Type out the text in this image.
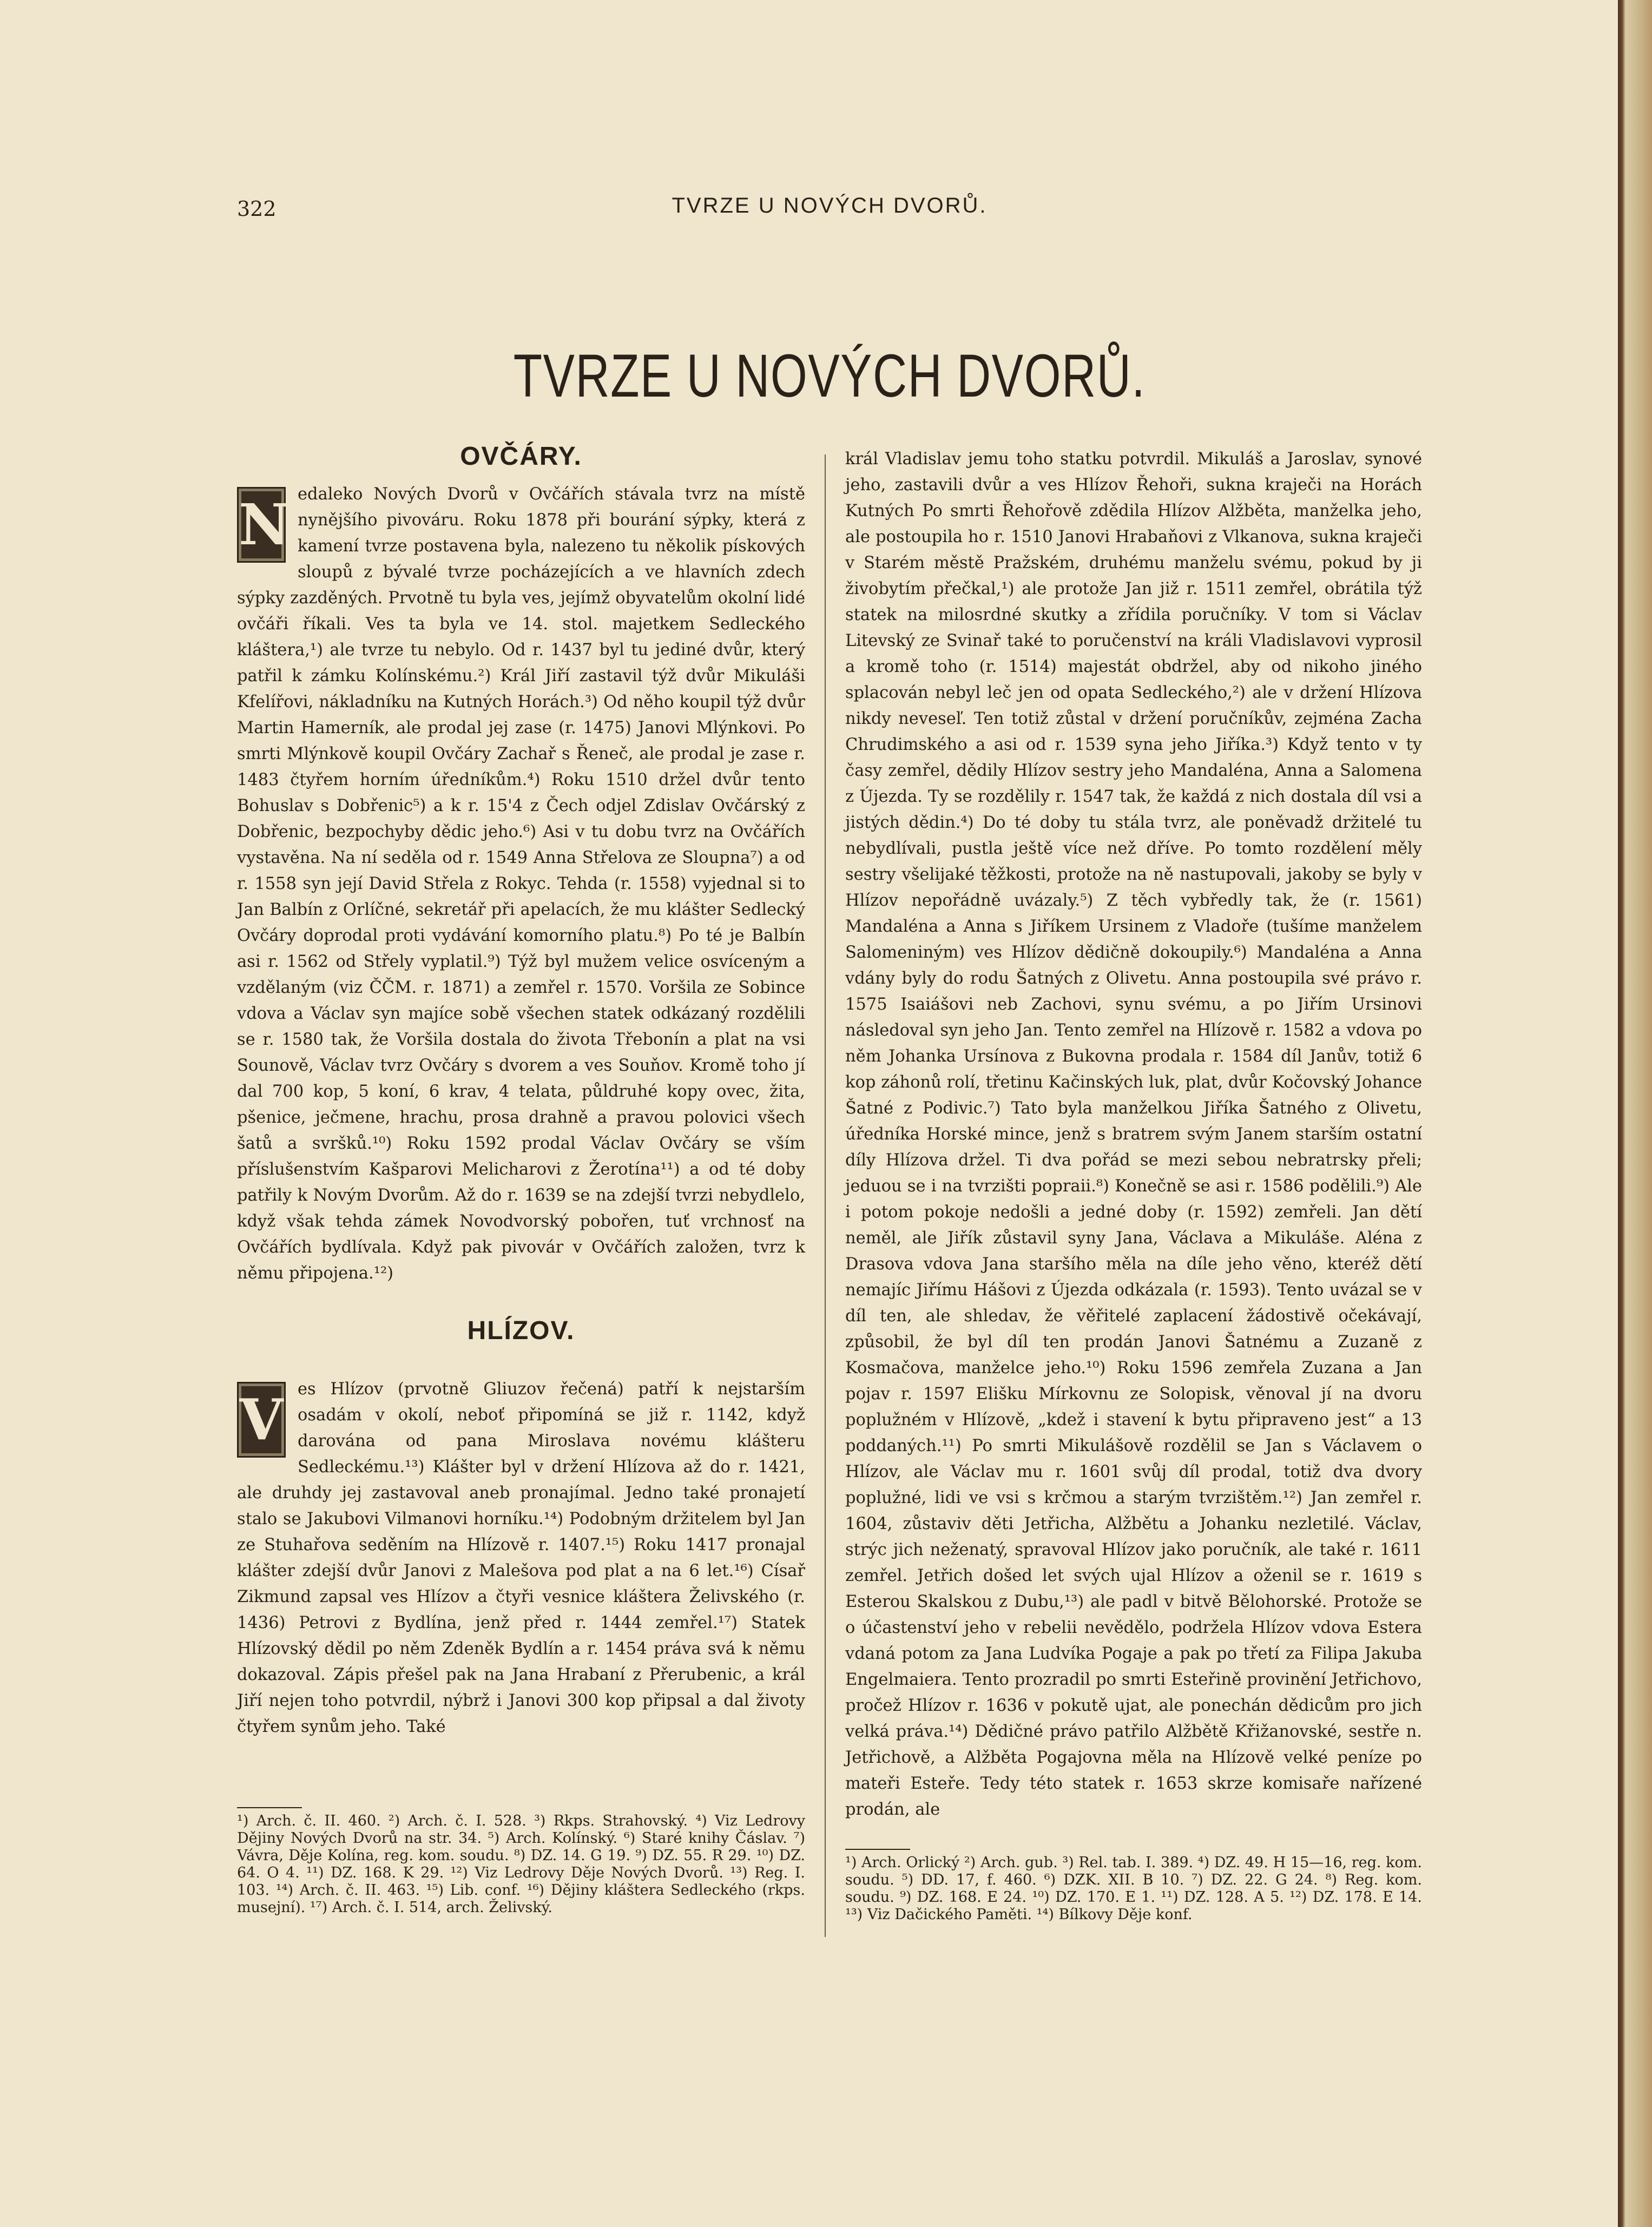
322	TVRZE U NOVÝCH DVORŮ.
TVRZE U NOVÝCH DVORŮ.
OVČÁRY.

N edaleko Nových Dvorů v Ovčářích stávala tvrz na místě nynějšího pivováru. Roku 1878 při bourání sýpky, která z kamení tvrze postavena byla, nalezeno tu několik pískových sloupů z bývalé tvrze pocházejících a ve hlavních zdech sýpky zazděných. Prvotně tu byla ves, jejímž obyvatelům okolní lidé ovčáři říkali. Ves ta byla ve 14. stol. majetkem Sedleckého kláštera,¹) ale tvrze tu nebylo. Od r. 1437 byl tu jediné dvůr, který patřil k zámku Kolínskému.²) Král Jiří zastavil týž dvůr Mikuláši Kfelířovi, nákladníku na Kutných Horách.³) Od něho koupil týž dvůr Martin Hamerník, ale prodal jej zase (r. 1475) Janovi Mlýnkovi. Po smrti Mlýnkově koupil Ovčáry Zachař s Řeneč, ale prodal je zase r. 1483 čtyřem horním úředníkům.⁴) Roku 1510 držel dvůr tento Bohuslav s Dobřenic⁵) a k r. 15'4 z Čech odjel Zdislav Ovčárský z Dobřenic, bezpochyby dědic jeho.⁶) Asi v tu dobu tvrz na Ovčářích vystavěna. Na ní seděla od r. 1549 Anna Střelova ze Sloupna⁷) a od r. 1558 syn její David Střela z Rokyc. Tehda (r. 1558) vyjednal si to Jan Balbín z Orlíčné, sekretář při apelacích, že mu klášter Sedlecký Ovčáry doprodal proti vydávání komorního platu.⁸) Po té je Balbín asi r. 1562 od Střely vyplatil.⁹) Týž byl mužem velice osvíceným a vzdělaným (viz ČČM. r. 1871) a zemřel r. 1570. Voršila ze Sobince vdova a Václav syn majíce sobě všechen statek odkázaný rozdělili se r. 1580 tak, že Voršila dostala do života Třebonín a plat na vsi Sounově, Václav tvrz Ovčáry s dvorem a ves Souňov. Kromě toho jí dal 700 kop, 5 koní, 6 krav, 4 telata, půldruhé kopy ovec, žita, pšenice, ječmene, hrachu, prosa drahně a pravou polovici všech šatů a svršků.¹⁰) Roku 1592 prodal Václav Ovčáry se vším příslušenstvím Kašparovi Melicharovi z Žerotína¹¹) a od té doby patřily k Novým Dvorům. Až do r. 1639 se na zdejší tvrzi nebydlelo, když však tehda zámek Novodvorský pobořen, tuť vrchnosť na Ovčářích bydlívala. Když pak pivovár v Ovčářích založen, tvrz k němu připojena.¹²)

HLÍZOV.

V es Hlízov (prvotně Gliuzov řečená) patří k nejstarším osadám v okolí, neboť připomíná se již r. 1142, když darována od pana Miroslava novému klášteru Sedleckému.¹³) Klášter byl v držení Hlízova až do r. 1421, ale druhdy jej zastavoval aneb pronajímal. Jedno také pronajetí stalo se Jakubovi Vilmanovi horníku.¹⁴) Podobným držitelem byl Jan ze Stuhařova seděním na Hlízově r. 1407.¹⁵) Roku 1417 pronajal klášter zdejší dvůr Janovi z Malešova pod plat a na 6 let.¹⁶) Císař Zikmund zapsal ves Hlízov a čtyři vesnice kláštera Želivského (r. 1436) Petrovi z Bydlína, jenž před r. 1444 zemřel.¹⁷) Statek Hlízovský dědil po něm Zdeněk Bydlín a r. 1454 práva svá k němu dokazoval. Zápis přešel pak na Jana Hrabaní z Přerubenic, a král Jiří nejen toho potvrdil, nýbrž i Janovi 300 kop připsal a dal životy čtyřem synům jeho. Také

král Vladislav jemu toho statku potvrdil. Mikuláš a Jaroslav, synové jeho, zastavili dvůr a ves Hlízov Řehoři, sukna kraječi na Horách Kutných Po smrti Řehořově zdědila Hlízov Alžběta, manželka jeho, ale postoupila ho r. 1510 Janovi Hrabaňovi z Vlkanova, sukna kraječi v Starém městě Pražském, druhému manželu svému, pokud by ji živobytím přečkal,¹) ale protože Jan již r. 1511 zemřel, obrátila týž statek na milosrdné skutky a zřídila poručníky. V tom si Václav Litevský ze Svinař také to poručenství na králi Vladislavovi vyprosil a kromě toho (r. 1514) majestát obdržel, aby od nikoho jiného splacován nebyl leč jen od opata Sedleckého,²) ale v držení Hlízova nikdy neveseľ. Ten totiž zůstal v držení poručníkův, zejména Zacha Chrudimského a asi od r. 1539 syna jeho Jiříka.³) Když tento v ty časy zemřel, dědily Hlízov sestry jeho Mandaléna, Anna a Salomena z Újezda. Ty se rozdělily r. 1547 tak, že každá z nich dostala díl vsi a jistých dědin.⁴) Do té doby tu stála tvrz, ale poněvadž držitelé tu nebydlívali, pustla ještě více než dříve. Po tomto rozdělení měly sestry všelijaké těžkosti, protože na ně nastupovali, jakoby se byly v Hlízov nepořádně uvázaly.⁵) Z těch vybředly tak, že (r. 1561) Mandaléna a Anna s Jiříkem Ursinem z Vladoře (tušíme manželem Salomeniným) ves Hlízov dědičně dokoupily.⁶) Mandaléna a Anna vdány byly do rodu Šatných z Olivetu. Anna postoupila své právo r. 1575 Isaiášovi neb Zachovi, synu svému, a po Jiřím Ursinovi následoval syn jeho Jan. Tento zemřel na Hlízově r. 1582 a vdova po něm Johanka Ursínova z Bukovna prodala r. 1584 díl Janův, totiž 6 kop záhonů rolí, třetinu Kačinských luk, plat, dvůr Kočovský Johance Šatné z Podivic.⁷) Tato byla manželkou Jiříka Šatného z Olivetu, úředníka Horské mince, jenž s bratrem svým Janem starším ostatní díly Hlízova držel. Ti dva pořád se mezi sebou nebratrsky přeli; jeduou se i na tvrzišti popraii.⁸) Konečně se asi r. 1586 podělili.⁹) Ale i potom pokoje nedošli a jedné doby (r. 1592) zemřeli. Jan dětí neměl, ale Jiřík zůstavil syny Jana, Václava a Mikuláše. Aléna z Drasova vdova Jana staršího měla na díle jeho věno, kteréž dětí nemajíc Jiřímu Hášovi z Újezda odkázala (r. 1593). Tento uvázal se v díl ten, ale shledav, že věřitelé zaplacení žádostivě očekávají, způsobil, že byl díl ten prodán Janovi Šatnému a Zuzaně z Kosmačova, manželce jeho.¹⁰) Roku 1596 zemřela Zuzana a Jan pojav r. 1597 Elišku Mírkovnu ze Solopisk, věnoval jí na dvoru poplužném v Hlízově, „kdež i stavení k bytu připraveno jest“ a 13 poddaných.¹¹) Po smrti Mikulášově rozdělil se Jan s Václavem o Hlízov, ale Václav mu r. 1601 svůj díl prodal, totiž dva dvory poplužné, lidi ve vsi s krčmou a starým tvrzištěm.¹²) Jan zemřel r. 1604, zůstaviv děti Jetřicha, Alžbětu a Johanku nezletilé. Václav, strýc jich neženatý, spravoval Hlízov jako poručník, ale také r. 1611 zemřel. Jetřich došed let svých ujal Hlízov a oženil se r. 1619 s Esterou Skalskou z Dubu,¹³) ale padl v bitvě Bělohorské. Protože se o účastenství jeho v rebelii nevědělo, podržela Hlízov vdova Estera vdaná potom za Jana Ludvíka Pogaje a pak po třetí za Filipa Jakuba Engelmaiera. Tento prozradil po smrti Esteřině provinění Jetřichovo, pročež Hlízov r. 1636 v pokutě ujat, ale ponechán dědicům pro jich velká práva.¹⁴) Dědičné právo patřilo Alžbětě Křižanovské, sestře n. Jetřichově, a Alžběta Pogajovna měla na Hlízově velké peníze po mateři Esteře. Tedy této statek r. 1653 skrze komisaře nařízené prodán, ale

¹) Arch. č. II. 460. ²) Arch. č. I. 528. ³) Rkps. Strahovský. ⁴) Viz Ledrovy Dějiny Nových Dvorů na str. 34. ⁵) Arch. Kolínský. ⁶) Staré knihy Čáslav. ⁷) Vávra, Děje Kolína, reg. kom. soudu. ⁸) DZ. 14. G 19. ⁹) DZ. 55. R 29. ¹⁰) DZ. 64. O 4. ¹¹) DZ. 168. K 29. ¹²) Viz Ledrovy Děje Nových Dvorů. ¹³) Reg. I. 103. ¹⁴) Arch. č. II. 463. ¹⁵) Lib. conf. ¹⁶) Dějiny kláštera Sedleckého (rkps. musejní). ¹⁷) Arch. č. I. 514, arch. Želivský.
¹) Arch. Orlický ²) Arch. gub. ³) Rel. tab. I. 389. ⁴) DZ. 49. H 15—16, reg. kom. soudu. ⁵) DD. 17, f. 460. ⁶) DZK. XII. B 10. ⁷) DZ. 22. G 24. ⁸) Reg. kom. soudu. ⁹) DZ. 168. E 24. ¹⁰) DZ. 170. E 1. ¹¹) DZ. 128. A 5. ¹²) DZ. 178. E 14. ¹³) Viz Dačického Paměti. ¹⁴) Bílkovy Děje konf.
